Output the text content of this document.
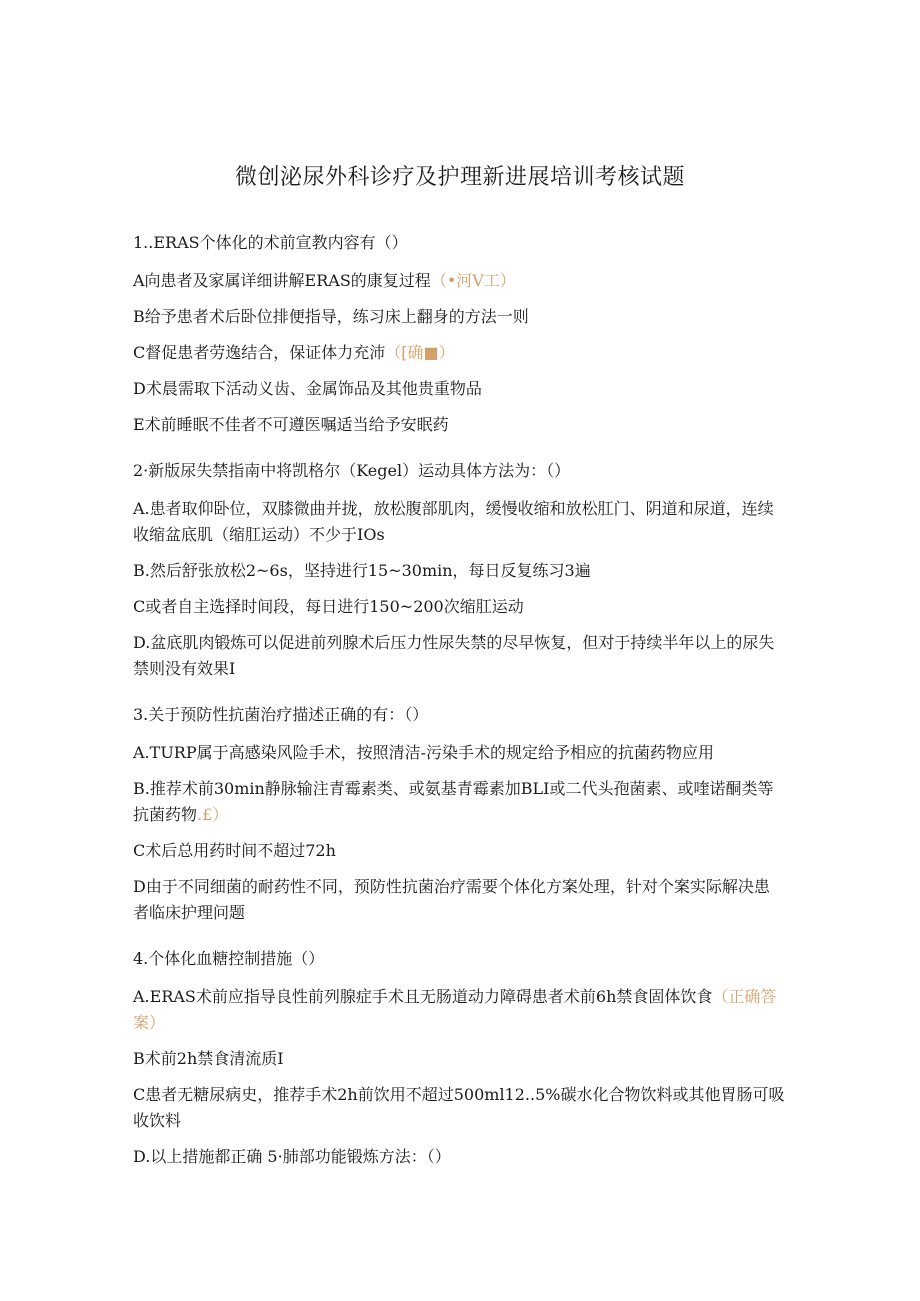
微创泌尿外科诊疗及护理新进展培训考核试题
1..ERAS个体化的术前宣教内容有（）
A向患者及家属详细讲解ERAS的康复过程（•河V工）
B给予患者术后卧位排便指导，练习床上翻身的方法一则
C督促患者劳逸结合，保证体力充沛（[确■）
D术晨需取下活动义齿、金属饰品及其他贵重物品
E术前睡眠不佳者不可遵医嘱适当给予安眠药
2·新版尿失禁指南中将凯格尔（Kegel）运动具体方法为：（）
A.患者取仰卧位，双膝微曲并拢，放松腹部肌肉，缓慢收缩和放松肛门、阴道和尿道，连续收缩盆底肌（缩肛运动）不少于IOs
B.然后舒张放松2~6s，坚持进行15~30min，每日反复练习3遍
C或者自主选择时间段，每日进行150~200次缩肛运动
D.盆底肌肉锻炼可以促进前列腺术后压力性尿失禁的尽早恢复，但对于持续半年以上的尿失禁则没有效果I
3.关于预防性抗菌治疗描述正确的有：（）
A.TURP属于高感染风险手术，按照清洁-污染手术的规定给予相应的抗菌药物应用
B.推荐术前30min静脉输注青霉素类、或氨基青霉素加BLI或二代头孢菌素、或喹诺酮类等抗菌药物.£）
C术后总用药时间不超过72h
D由于不同细菌的耐药性不同，预防性抗菌治疗需要个体化方案处理，针对个案实际解决患者临床护理问题
4.个体化血糖控制措施（）
A.ERAS术前应指导良性前列腺症手术且无肠道动力障碍患者术前6h禁食固体饮食（正确答案）
B术前2h禁食清流质I
C患者无糖尿病史，推荐手术2h前饮用不超过500ml12..5%碳水化合物饮料或其他胃肠可吸收饮料
D.以上措施都正确 5·肺部功能锻炼方法：（）
